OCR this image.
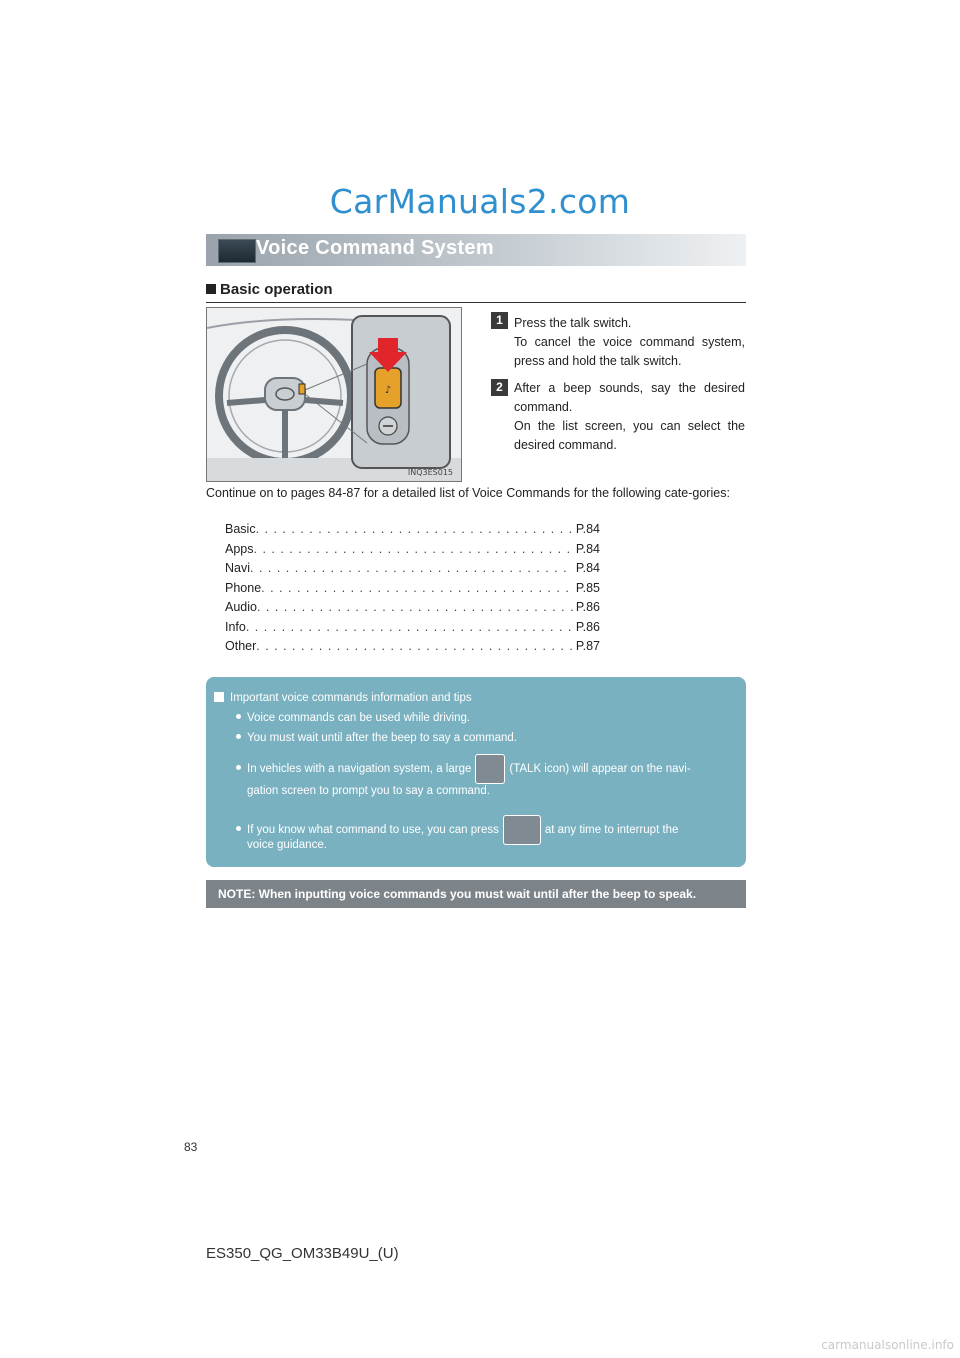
CarManuals2.com
Voice Command System
Basic operation
♪
INQ3ES015
1 Press the talk switch.
To cancel the voice command system, press and hold the talk switch.
2 After a beep sounds, say the desired command.
On the list screen, you can select the desired command.
Continue on to pages 84-87 for a detailed list of Voice Commands for the following cate-gories:
Basic . . .	P.84
Apps . . .	P.84
Navi . . .	P.84
Phone . . .	P.85
Audio . . .	P.86
Info . . .	P.86
Other . . .	P.87
Important voice commands information and tips
Voice commands can be used while driving.
You must wait until after the beep to say a command.
In vehicles with a navigation system, a large	(TALK icon) will appear on the navi-
gation screen to prompt you to say a command.
If you know what command to use, you can press	at any time to interrupt the
voice guidance.
NOTE: When inputting voice commands you must wait until after the beep to speak.
83
ES350_QG_OM33B49U_(U)
carmanualsonline.info
